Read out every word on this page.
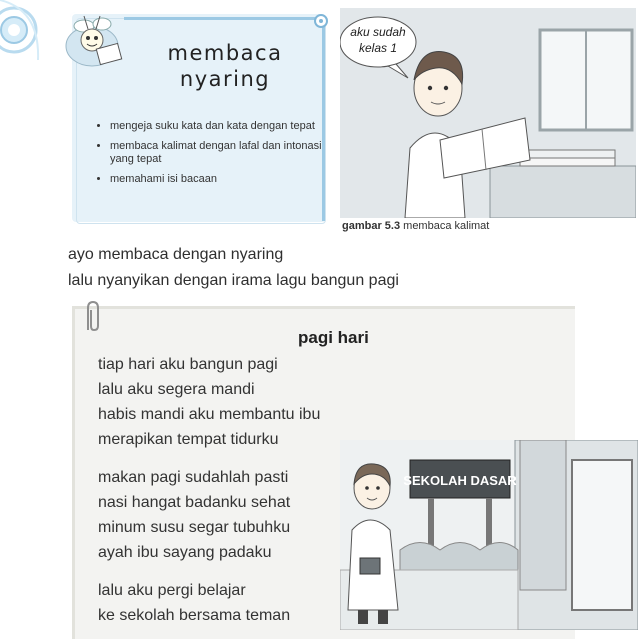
membaca
nyaring
• mengeja suku kata dan kata dengan tepat
• membaca kalimat dengan lafal dan intonasi yang tepat
• memahami isi bacaan
aku sudah
kelas 1
gambar 5.3 membaca kalimat
ayo membaca dengan nyaring
lalu nyanyikan dengan irama lagu bangun pagi
pagi hari
tiap hari aku bangun pagi
lalu aku segera mandi
habis mandi aku membantu ibu
merapikan tempat tidurku
makan pagi sudahlah pasti
nasi hangat badanku sehat
minum susu segar tubuhku
ayah ibu sayang padaku
lalu aku pergi belajar
ke sekolah bersama teman
SEKOLAH DASAR
